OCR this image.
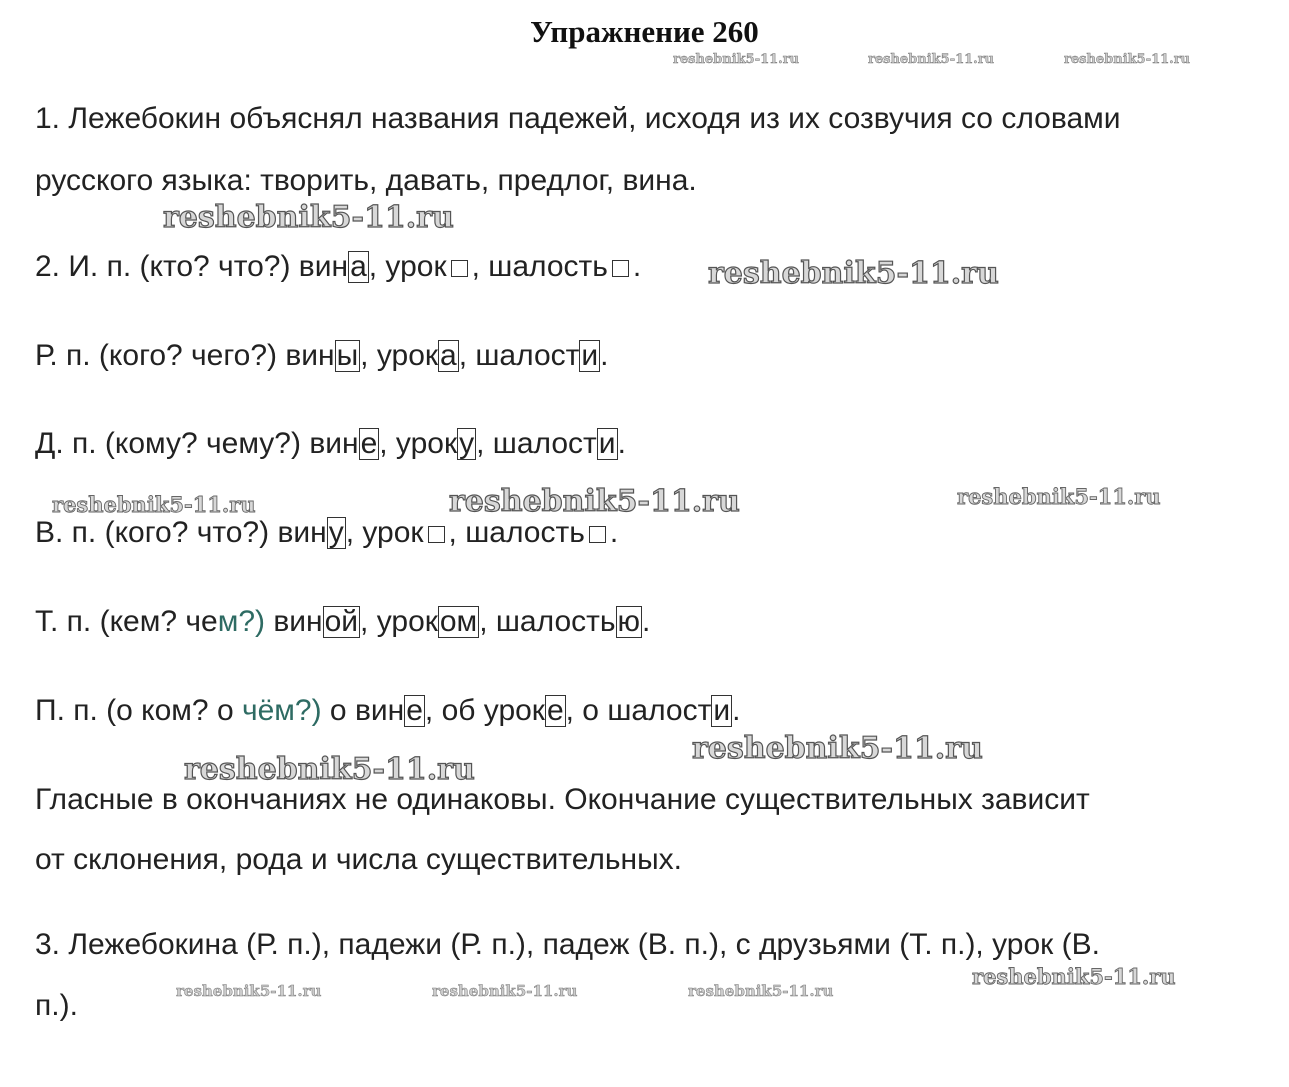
Упражнение 260
reshebnik5-11.ru	reshebnik5-11.ru	reshebnik5-11.ru
1. Лежебокин объяснял названия падежей, исходя из их созвучия со словами
русского языка: творить, давать, предлог, вина.
reshebnik5-11.ru
2. И. п. (кто? что?) вина, урок , шалость . reshebnik5-11.ru
Р. п. (кого? чего?) вины, урока, шалости.
Д. п. (кому? чему?) вине, уроку, шалости.
reshebnik5-11.ru	reshebnik5-11.ru	reshebnik5-11.ru
В. п. (кого? что?) вину, урок , шалость .
Т. п. (кем? чем?) виной, уроком, шалостью.
П. п. (о ком? о чём?) о вине, об уроке, о шалости.
reshebnik5-11.ru
reshebnik5-11.ru
Гласные в окончаниях не одинаковы. Окончание существительных зависит
от склонения, рода и числа существительных.
3. Лежебокина (Р. п.), падежи (Р. п.), падеж (В. п.), с друзьями (Т. п.), урок (В.
reshebnik5-11.ru
п.).	reshebnik5-11.ru	reshebnik5-11.ru	reshebnik5-11.ru
